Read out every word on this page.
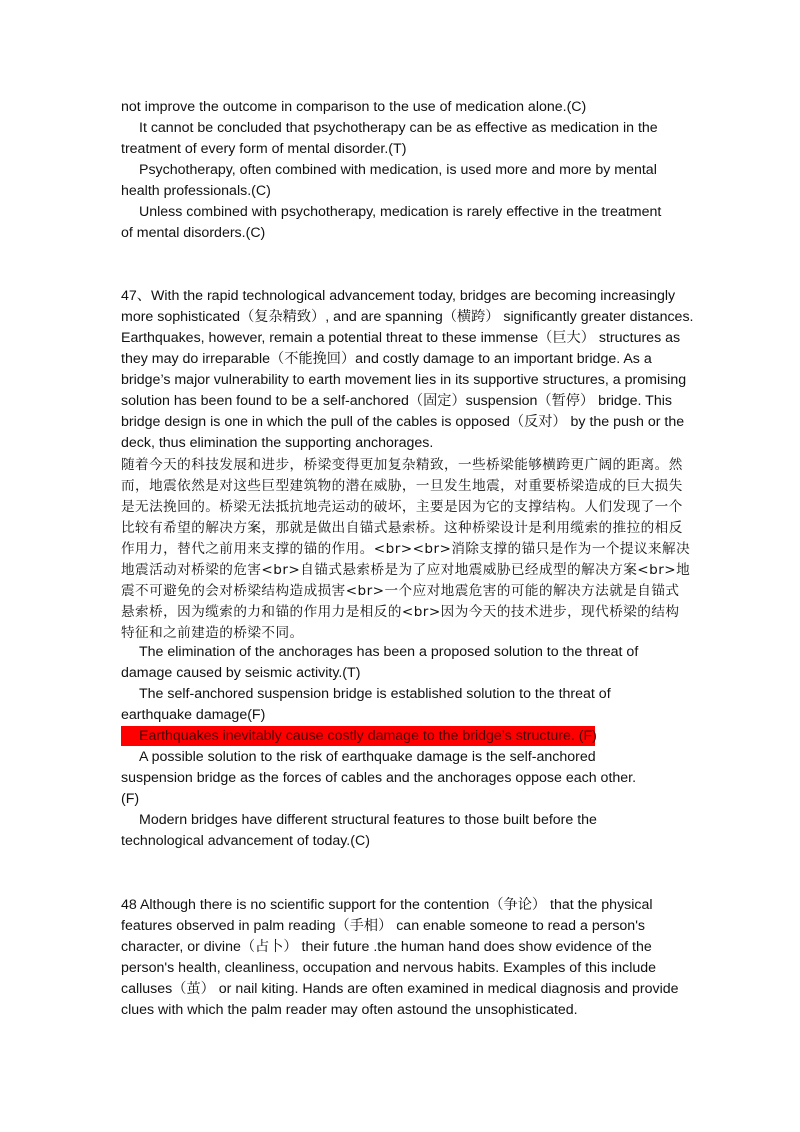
not improve the outcome in comparison to the use of medication alone.(C)
It cannot be concluded that psychotherapy can be as effective as medication in the
treatment of every form of mental disorder.(T)
Psychotherapy, often combined with medication, is used more and more by mental
health professionals.(C)
Unless combined with psychotherapy, medication is rarely effective in the treatment
of mental disorders.(C)
47、With the rapid technological advancement today, bridges are becoming increasingly
more sophisticated（复杂精致）, and are spanning（横跨） significantly greater distances.
Earthquakes, however, remain a potential threat to these immense（巨大） structures as
they may do irreparable（不能挽回）and costly damage to an important bridge. As a
bridge’s major vulnerability to earth movement lies in its supportive structures, a promising
solution has been found to be a self-anchored（固定）suspension（暂停） bridge. This
bridge design is one in which the pull of the cables is opposed（反对） by the push or the
deck, thus elimination the supporting anchorages.
随着今天的科技发展和进步，桥梁变得更加复杂精致，一些桥梁能够横跨更广阔的距离。然
而，地震依然是对这些巨型建筑物的潜在威胁，一旦发生地震，对重要桥梁造成的巨大损失
是无法挽回的。桥梁无法抵抗地壳运动的破坏，主要是因为它的支撑结构。人们发现了一个
比较有希望的解决方案，那就是做出自锚式悬索桥。这种桥梁设计是利用缆索的推拉的相反
作用力，替代之前用来支撑的锚的作用。<br><br>消除支撑的锚只是作为一个提议来解决
地震活动对桥梁的危害<br>自锚式悬索桥是为了应对地震威胁已经成型的解决方案<br>地
震不可避免的会对桥梁结构造成损害<br>一个应对地震危害的可能的解决方法就是自锚式
悬索桥，因为缆索的力和锚的作用力是相反的<br>因为今天的技术进步，现代桥梁的结构
特征和之前建造的桥梁不同。
The elimination of the anchorages has been a proposed solution to the threat of
damage caused by seismic activity.(T)
The self-anchored suspension bridge is established solution to the threat of
earthquake damage(F)
Earthquakes inevitably cause costly damage to the bridge’s structure. (F)
A possible solution to the risk of earthquake damage is the self-anchored
suspension bridge as the forces of cables and the anchorages oppose each other.
(F)
Modern bridges have different structural features to those built before the
technological advancement of today.(C)
48 Although there is no scientific support for the contention（争论） that the physical
features observed in palm reading（手相） can enable someone to read a person's
character, or divine（占卜） their future .the human hand does show evidence of the
person's health, cleanliness, occupation and nervous habits. Examples of this include
calluses（茧） or nail kiting. Hands are often examined in medical diagnosis and provide
clues with which the palm reader may often astound the unsophisticated.
